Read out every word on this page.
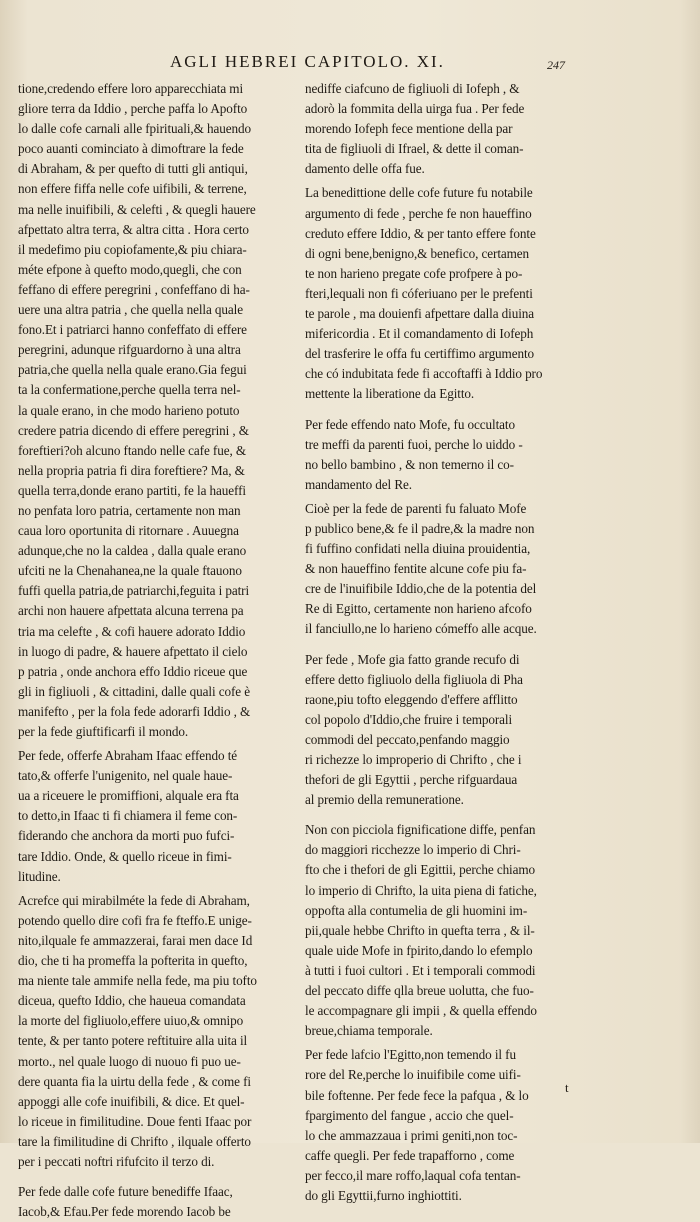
AGLI HEBREI CAPITOLO. XI.	247
tione,credendo effere loro apparecchiata mi
gliore terra da Iddio , perche paffa lo Apofto
lo dalle cofe carnali alle fpirituali,& hauendo
poco auanti cominciato à dimoftrare la fede
di Abraham, & per quefto di tutti gli antiqui,
non effere fiffa nelle cofe uifibili, & terrene,
ma nelle inuifibili, & celefti , & quegli hauere
afpettato altra terra, & altra citta . Hora certo
il medefimo piu copiofamente,& piu chiara-
méte efpone à quefto modo,quegli, che con
feffano di effere peregrini , confeffano di ha-
uere una altra patria , che quella nella quale
fono.Et i patriarci hanno confeffato di effere
peregrini, adunque rifguardorno à una altra
patria,che quella nella quale erano.Gia fegui
ta la confermatione,perche quella terra nel-
la quale erano, in che modo harieno potuto
credere patria dicendo di effere peregrini , &
foreftieri?oh alcuno ftando nelle cafe fue, &
nella propria patria fi dira foreftiere? Ma, &
quella terra,donde erano partiti, fe la haueffi
no penfata loro patria, certamente non man
caua loro oportunita di ritornare . Auuegna
adunque,che no la caldea , dalla quale erano
ufciti ne la Chenahanea,ne la quale ftauono
fuffi quella patria,de patriarchi,feguita i patri
archi non hauere afpettata alcuna terrena pa
tria ma celefte , & cofi hauere adorato Iddio
in luogo di padre, & hauere afpettato il cielo
p patria , onde anchora effo Iddio riceue que
gli in figliuoli , & cittadini, dalle quali cofe è
manifefto , per la fola fede adorarfi Iddio , &
per la fede giuftificarfi il mondo.
Per fede, offerfe Abraham Ifaac effendo té
tato,& offerfe l'unigenito, nel quale haue-
ua a riceuere le promiffioni, alquale era fta
to detto,in Ifaac ti fi chiamera il feme con-
fiderando che anchora da morti puo fufci-
tare Iddio. Onde, & quello riceue in fimi-
litudine.
Acrefce qui mirabilméte la fede di Abraham,
potendo quello dire cofi fra fe fteffo.E unige-
nito,ilquale fe ammazzerai, farai men dace Id
dio, che ti ha promeffa la pofterita in quefto,
ma niente tale ammife nella fede, ma piu tofto
diceua, quefto Iddio, che haueua comandata
la morte del figliuolo,effere uiuo,& omnipo
tente, & per tanto potere reftituire alla uita il
morto., nel quale luogo di nuouo fi puo ue-
dere quanta fia la uirtu della fede , & come fi
appoggi alle cofe inuifibili, & dice. Et quel-
lo riceue in fimilitudine. Doue fenti Ifaac por
tare la fimilitudine di Chrifto , ilquale offerto
per i peccati noftri rifufcito il terzo di.
Per fede dalle cofe future benediffe Ifaac,
Iacob,& Efau.Per fede morendo Iacob be
nediffe ciafcuno de figliuoli di Iofeph , &
adorò la fommita della uirga fua . Per fede
morendo Iofeph fece mentione della par
tita de figliuoli di Ifrael, & dette il coman-
damento delle offa fue.
La benedittione delle cofe future fu notabile
argumento di fede , perche fe non haueffino
creduto effere Iddio, & per tanto effere fonte
di ogni bene,benigno,& benefico, certamen
te non harieno pregate cofe profpere à po-
fteri,lequali non fi cóferiuano per le prefenti
te parole , ma douienfi afpettare dalla diuina
mifericordia . Et il comandamento di Iofeph
del trasferire le offa fu certiffimo argumento
che có indubitata fede fi accoftaffi à Iddio pro
mettente la liberatione da Egitto.
Per fede effendo nato Mofe, fu occultato
tre meffi da parenti fuoi, perche lo uiddo -
no bello bambino , & non temerno il co-
mandamento del Re.
Cioè per la fede de parenti fu faluato Mofe
p publico bene,& fe il padre,& la madre non
fi fuffino confidati nella diuina prouidentia,
& non haueffino fentite alcune cofe piu fa-
cre de l'inuifibile Iddio,che de la potentia del
Re di Egitto, certamente non harieno afcofo
il fanciullo,ne lo harieno cómeffo alle acque.
Per fede , Mofe gia fatto grande recufo di
effere detto figliuolo della figliuola di Pha
raone,piu tofto eleggendo d'effere afflitto
col popolo d'Iddio,che fruire i temporali
commodi del peccato,penfando maggio
ri richezze lo improperio di Chrifto , che i
thefori de gli Egyttii , perche rifguardaua
al premio della remuneratione.
Non con picciola fignificatione diffe, penfan
do maggiori ricchezze lo imperio di Chri-
fto che i thefori de gli Egittii, perche chiamo
lo imperio di Chrifto, la uita piena di fatiche,
oppofta alla contumelia de gli huomini im-
pii,quale hebbe Chrifto in quefta terra , & il-
quale uide Mofe in fpirito,dando lo efemplo
à tutti i fuoi cultori . Et i temporali commodi
del peccato diffe qlla breue uolutta, che fuo-
le accompagnare gli impii , & quella effendo
breue,chiama temporale.
Per fede lafcio l'Egitto,non temendo il fu
rore del Re,perche lo inuifibile come uifi-
bile foftenne. Per fede fece la pafqua , & lo
fpargimento del fangue , accio che quel-
lo che ammazzaua i primi geniti,non toc-
caffe quegli. Per fede trapafforno , come
per fecco,il mare roffo,laqual cofa tentan-
do gli Egyttii,furno inghiottiti.
t
